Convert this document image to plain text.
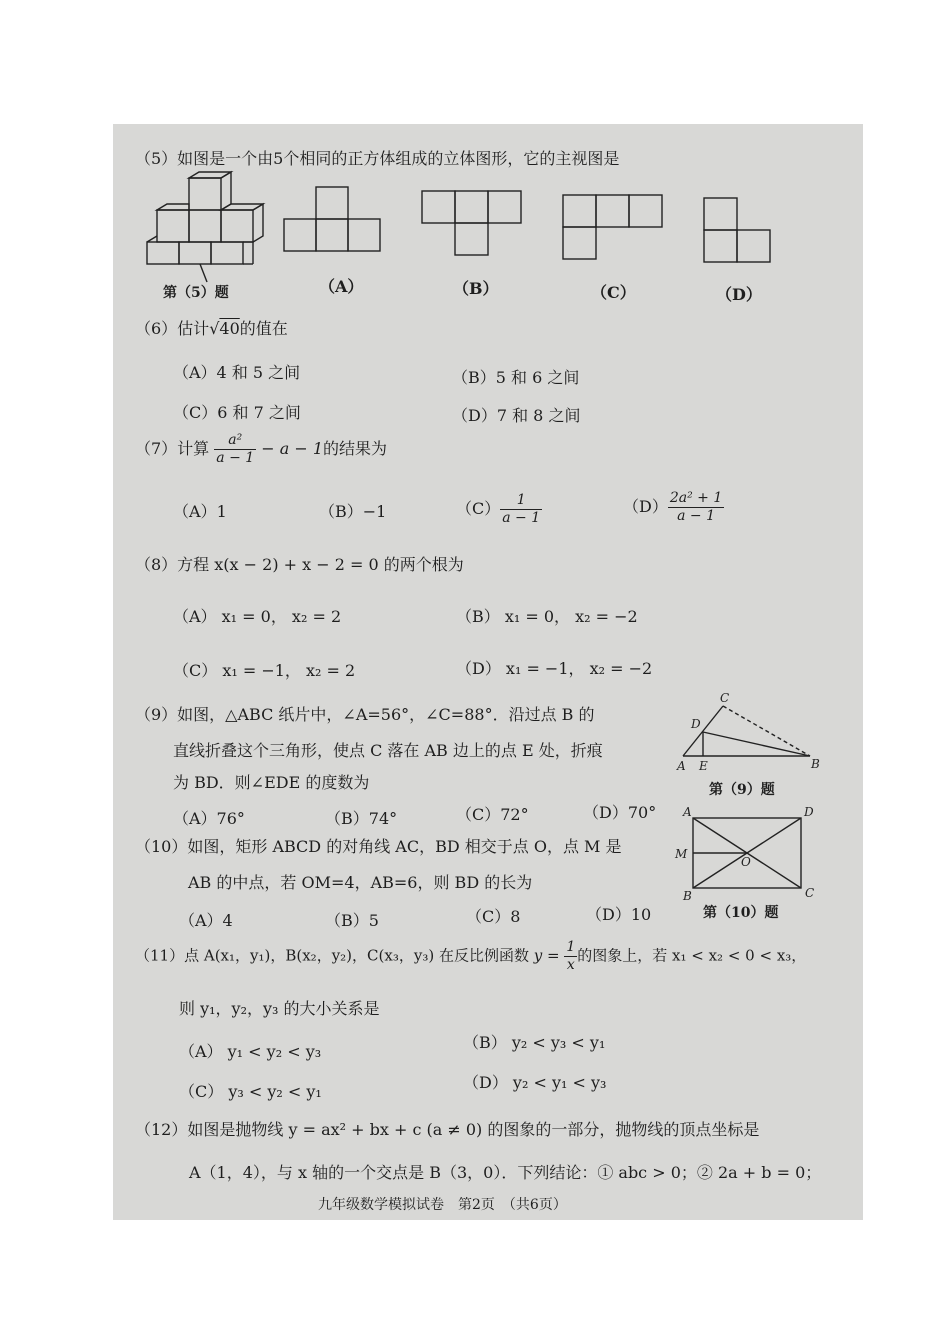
（5）如图是一个由5个相同的正方体组成的立体图形，它的主视图是
第（5）题	（A）	（B）	（C）	（D）
（6）估计√40的值在
（A）4 和 5 之间	（B）5 和 6 之间
（C）6 和 7 之间	（D）7 和 8 之间
（7）计算 $\frac{\text{a²}}{a - 1} - a - 1$的结果为
（A）1	（B）−1	$(C) \frac{1}{a - 1}$	$(D) \frac{\text{2a² + 1}}{a - 1}$
（8）方程 x(x − 2) + x − 2 = 0 的两个根为
（A） x₁ = 0， x₂ = 2	（B） x₁ = 0， x₂ = −2
（C） x₁ = −1， x₂ = 2	（D） x₁ = −1， x₂ = −2
（9）如图，△ABC 纸片中，∠A=56°，∠C=88°．沿过点 B 的
直线折叠这个三角形，使点 C 落在 AB 边上的点 E 处，折痕
为 BD．则∠EDE 的度数为
（A）76°	（B）74°	（C）72°	（D）70°
C
D
A E	B
第（9）题
（10）如图，矩形 ABCD 的对角线 AC，BD 相交于点 O，点 M 是
AB 的中点，若 OM=4，AB=6，则 BD 的长为
（A）4	（B）5	（C）8	（D）10
A	D
M
O
B	C
第（10）题
（11）点 A(x₁，y₁)，B(x₂，y₂)，C(x₃，y₃) 在反比例函数 $y = \frac{1}{x}$ 的图象上，若 x₁ < x₂ < 0 < x₃，
则 y₁，y₂，y₃ 的大小关系是
（A） y₁ < y₂ < y₃	（B） y₂ < y₃ < y₁
（C） y₃ < y₂ < y₁	（D） y₂ < y₁ < y₃
（12）如图是抛物线 y = ax² + bx + c (a ≠ 0) 的图象的一部分，抛物线的顶点坐标是
A（1，4），与 x 轴的一个交点是 B（3，0）．下列结论：① abc > 0；② 2a + b = 0；
九年级数学模拟试卷　第2页　（共6页）
